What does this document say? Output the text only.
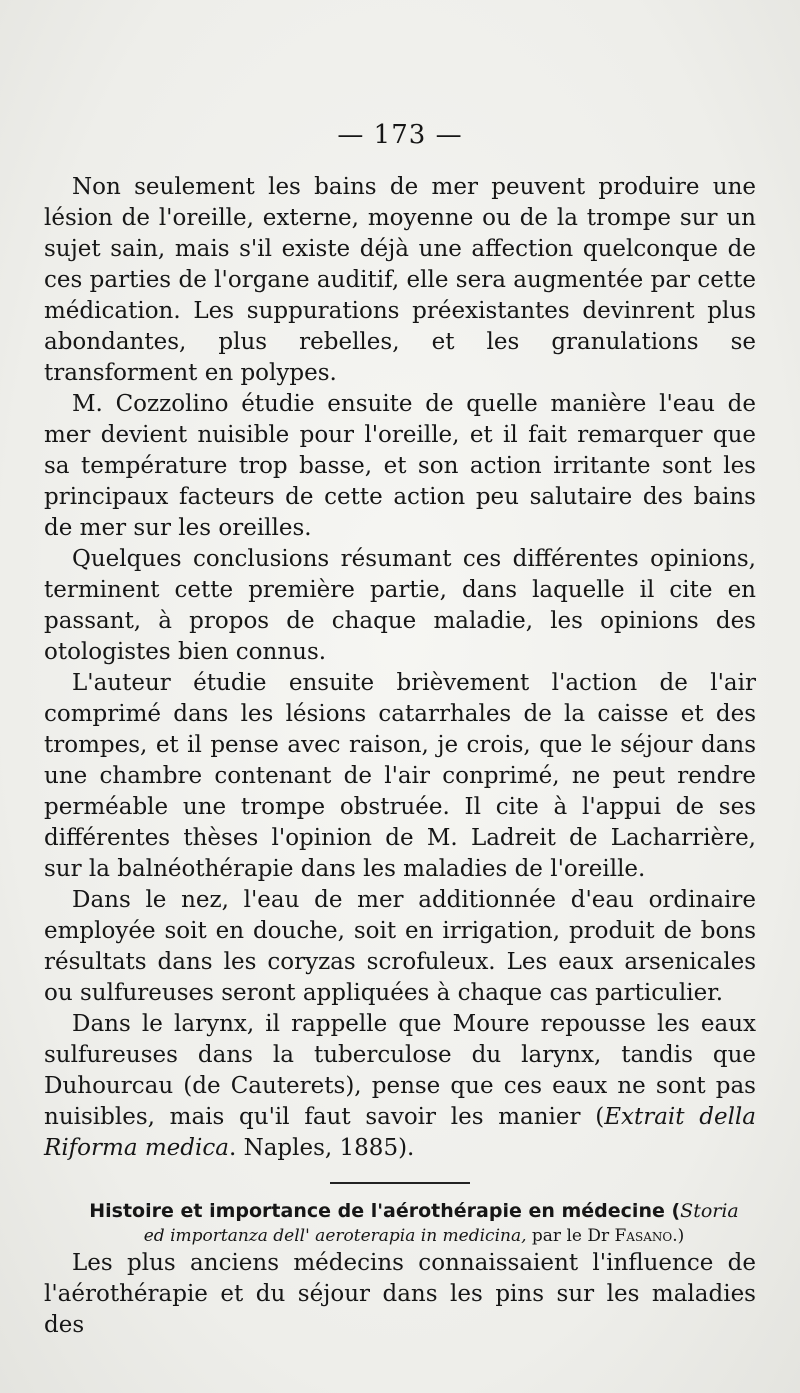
— 173 —

Non seulement les bains de mer peuvent produire une lésion de l'oreille, externe, moyenne ou de la trompe sur un sujet sain, mais s'il existe déjà une affection quelconque de ces parties de l'organe auditif, elle sera augmentée par cette médication. Les suppurations préexistantes devinrent plus abondantes, plus rebelles, et les granulations se transforment en polypes.

M. Cozzolino étudie ensuite de quelle manière l'eau de mer devient nuisible pour l'oreille, et il fait remarquer que sa température trop basse, et son action irritante sont les principaux facteurs de cette action peu salutaire des bains de mer sur les oreilles.

Quelques conclusions résumant ces différentes opinions, terminent cette première partie, dans laquelle il cite en passant, à propos de chaque maladie, les opinions des otologistes bien connus.

L'auteur étudie ensuite brièvement l'action de l'air comprimé dans les lésions catarrhales de la caisse et des trompes, et il pense avec raison, je crois, que le séjour dans une chambre contenant de l'air conprimé, ne peut rendre perméable une trompe obstruée. Il cite à l'appui de ses différentes thèses l'opinion de M. Ladreit de Lacharrière, sur la balnéothérapie dans les maladies de l'oreille.

Dans le nez, l'eau de mer additionnée d'eau ordinaire employée soit en douche, soit en irrigation, produit de bons résultats dans les coryzas scrofuleux. Les eaux arsenicales ou sulfureuses seront appliquées à chaque cas particulier.

Dans le larynx, il rappelle que Moure repousse les eaux sulfureuses dans la tuberculose du larynx, tandis que Duhourcau (de Cauterets), pense que ces eaux ne sont pas nuisibles, mais qu'il faut savoir les manier (Extrait della Riforma medica. Naples, 1885).

Histoire et importance de l'aérothérapie en médecine (Storia

ed importanza dell' aeroterapia in medicina, par le Dr Fasano.)

Les plus anciens médecins connaissaient l'influence de l'aérothérapie et du séjour dans les pins sur les maladies des
